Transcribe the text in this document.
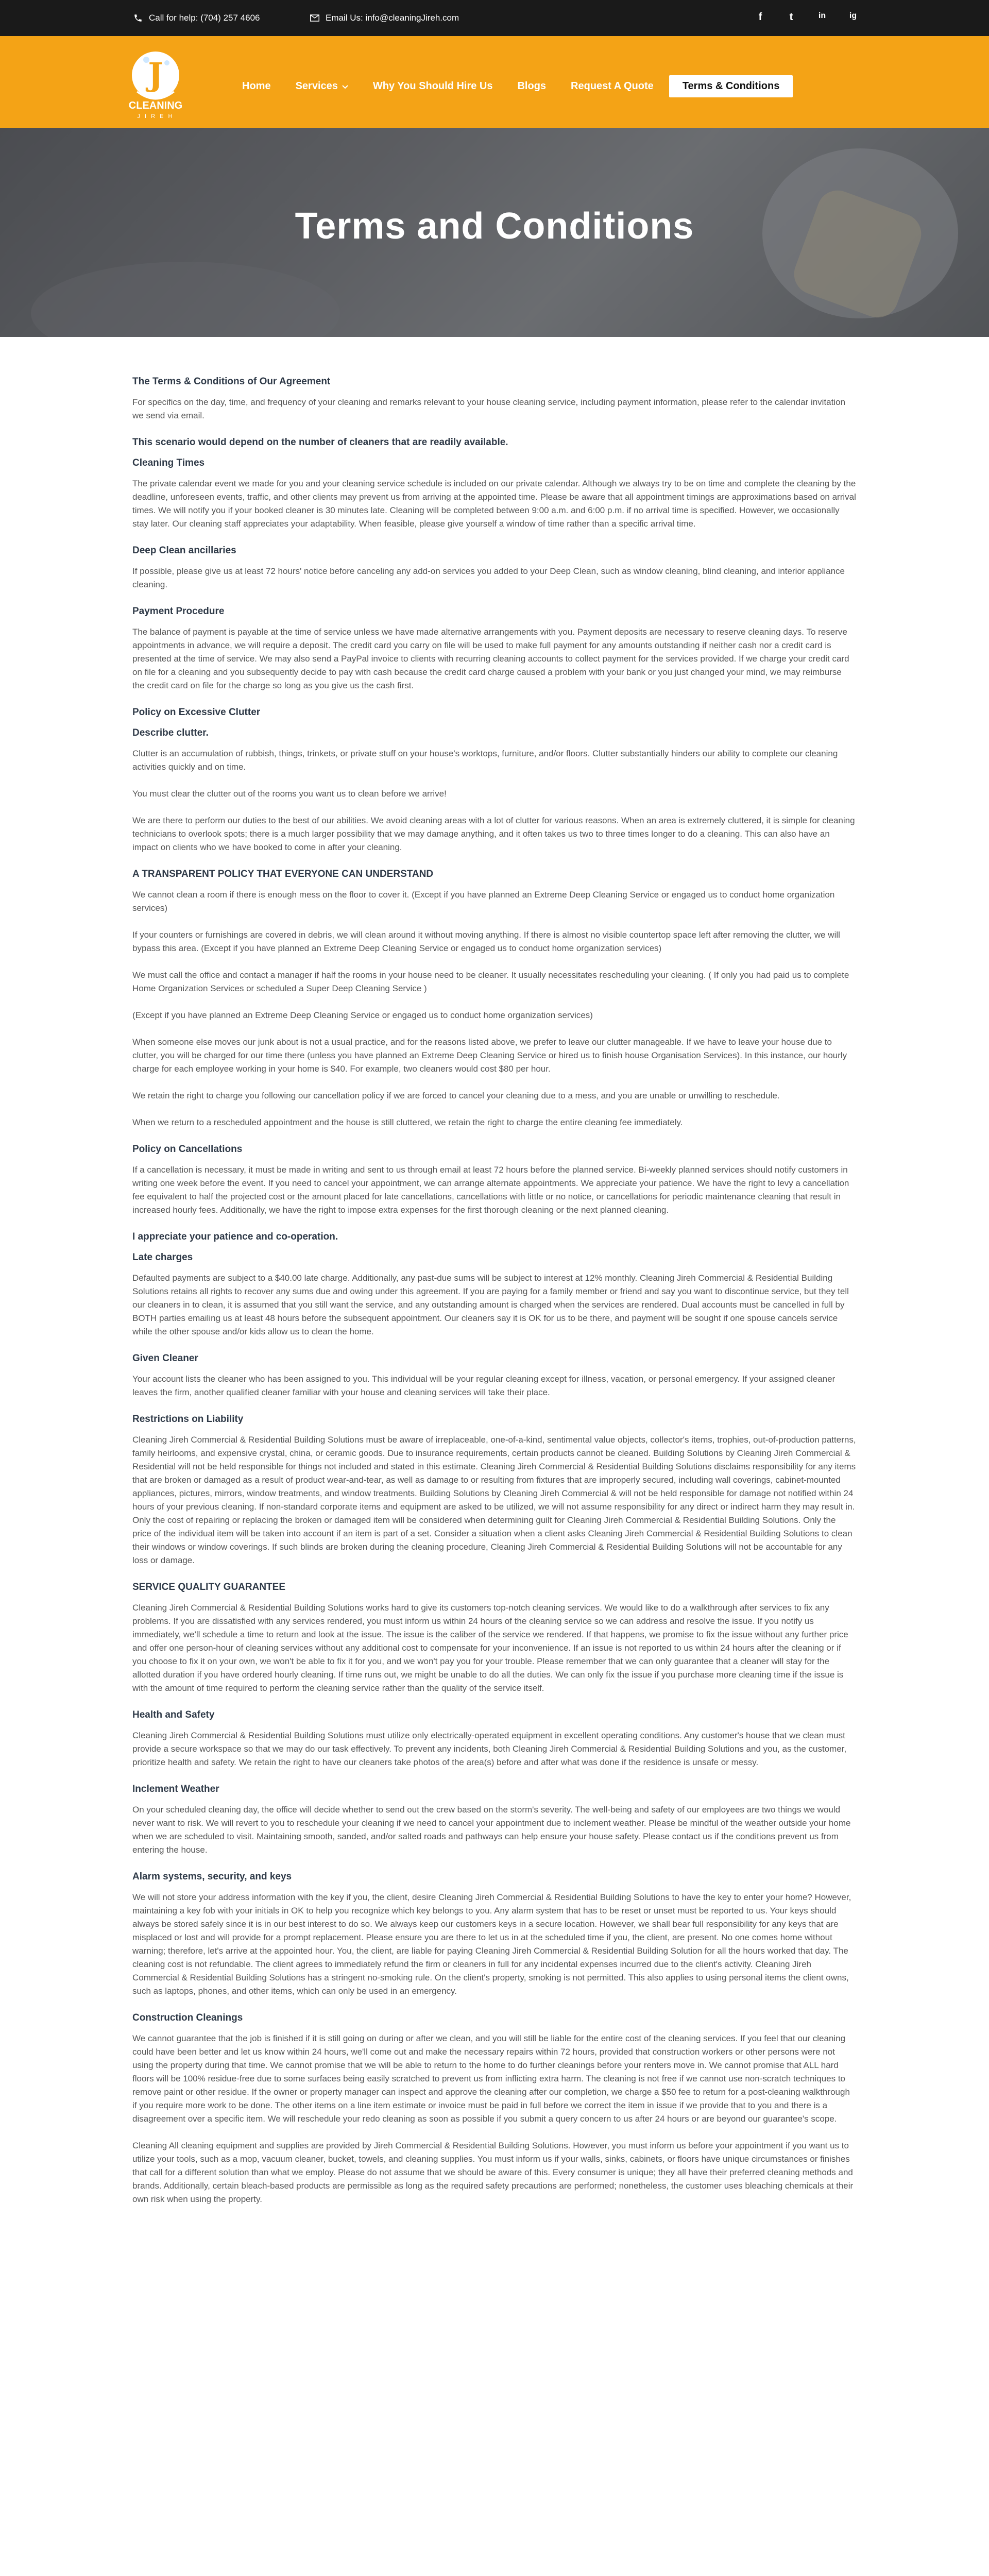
Call for help: (704) 257 4606	Email Us: info@cleaningJireh.com	f	t	in	ig
J
CLEANING
J I R E H
Home Services	Why You Should Hire Us Blogs Request A Quote	Terms & Conditions
Terms and Conditions
The Terms & Conditions of Our Agreement

For specifics on the day, time, and frequency of your cleaning and remarks relevant to your house cleaning service, including payment information, please refer to the calendar invitation we send via email.

This scenario would depend on the number of cleaners that are readily available.
Cleaning Times

The private calendar event we made for you and your cleaning service schedule is included on our private calendar. Although we always try to be on time and complete the cleaning by the deadline, unforeseen events, traffic, and other clients may prevent us from arriving at the appointed time. Please be aware that all appointment timings are approximations based on arrival times. We will notify you if your booked cleaner is 30 minutes late. Cleaning will be completed between 9:00 a.m. and 6:00 p.m. if no arrival time is specified. However, we occasionally stay later. Our cleaning staff appreciates your adaptability. When feasible, please give yourself a window of time rather than a specific arrival time.

Deep Clean ancillaries

If possible, please give us at least 72 hours' notice before canceling any add-on services you added to your Deep Clean, such as window cleaning, blind cleaning, and interior appliance cleaning.

Payment Procedure

The balance of payment is payable at the time of service unless we have made alternative arrangements with you. Payment deposits are necessary to reserve cleaning days. To reserve appointments in advance, we will require a deposit. The credit card you carry on file will be used to make full payment for any amounts outstanding if neither cash nor a credit card is presented at the time of service. We may also send a PayPal invoice to clients with recurring cleaning accounts to collect payment for the services provided. If we charge your credit card on file for a cleaning and you subsequently decide to pay with cash because the credit card charge caused a problem with your bank or you just changed your mind, we may reimburse the credit card on file for the charge so long as you give us the cash first.

Policy on Excessive Clutter
Describe clutter.

Clutter is an accumulation of rubbish, things, trinkets, or private stuff on your house's worktops, furniture, and/or floors. Clutter substantially hinders our ability to complete our cleaning activities quickly and on time.

You must clear the clutter out of the rooms you want us to clean before we arrive!

We are there to perform our duties to the best of our abilities. We avoid cleaning areas with a lot of clutter for various reasons. When an area is extremely cluttered, it is simple for cleaning technicians to overlook spots; there is a much larger possibility that we may damage anything, and it often takes us two to three times longer to do a cleaning. This can also have an impact on clients who we have booked to come in after your cleaning.

A TRANSPARENT POLICY THAT EVERYONE CAN UNDERSTAND

We cannot clean a room if there is enough mess on the floor to cover it. (Except if you have planned an Extreme Deep Cleaning Service or engaged us to conduct home organization services)

If your counters or furnishings are covered in debris, we will clean around it without moving anything. If there is almost no visible countertop space left after removing the clutter, we will bypass this area. (Except if you have planned an Extreme Deep Cleaning Service or engaged us to conduct home organization services)

We must call the office and contact a manager if half the rooms in your house need to be cleaner. It usually necessitates rescheduling your cleaning. ( If only you had paid us to complete Home Organization Services or scheduled a Super Deep Cleaning Service )

(Except if you have planned an Extreme Deep Cleaning Service or engaged us to conduct home organization services)

When someone else moves our junk about is not a usual practice, and for the reasons listed above, we prefer to leave our clutter manageable. If we have to leave your house due to clutter, you will be charged for our time there (unless you have planned an Extreme Deep Cleaning Service or hired us to finish house Organisation Services). In this instance, our hourly charge for each employee working in your home is $40. For example, two cleaners would cost $80 per hour.

We retain the right to charge you following our cancellation policy if we are forced to cancel your cleaning due to a mess, and you are unable or unwilling to reschedule.

When we return to a rescheduled appointment and the house is still cluttered, we retain the right to charge the entire cleaning fee immediately.

Policy on Cancellations

If a cancellation is necessary, it must be made in writing and sent to us through email at least 72 hours before the planned service. Bi-weekly planned services should notify customers in writing one week before the event. If you need to cancel your appointment, we can arrange alternate appointments. We appreciate your patience. We have the right to levy a cancellation fee equivalent to half the projected cost or the amount placed for late cancellations, cancellations with little or no notice, or cancellations for periodic maintenance cleaning that result in increased hourly fees. Additionally, we have the right to impose extra expenses for the first thorough cleaning or the next planned cleaning.

I appreciate your patience and co-operation.
Late charges

Defaulted payments are subject to a $40.00 late charge. Additionally, any past-due sums will be subject to interest at 12% monthly. Cleaning Jireh Commercial & Residential Building Solutions retains all rights to recover any sums due and owing under this agreement. If you are paying for a family member or friend and say you want to discontinue service, but they tell our cleaners in to clean, it is assumed that you still want the service, and any outstanding amount is charged when the services are rendered. Dual accounts must be cancelled in full by BOTH parties emailing us at least 48 hours before the subsequent appointment. Our cleaners say it is OK for us to be there, and payment will be sought if one spouse cancels service while the other spouse and/or kids allow us to clean the home.

Given Cleaner

Your account lists the cleaner who has been assigned to you. This individual will be your regular cleaning except for illness, vacation, or personal emergency. If your assigned cleaner leaves the firm, another qualified cleaner familiar with your house and cleaning services will take their place.

Restrictions on Liability

Cleaning Jireh Commercial & Residential Building Solutions must be aware of irreplaceable, one-of-a-kind, sentimental value objects, collector's items, trophies, out-of-production patterns, family heirlooms, and expensive crystal, china, or ceramic goods. Due to insurance requirements, certain products cannot be cleaned. Building Solutions by Cleaning Jireh Commercial & Residential will not be held responsible for things not included and stated in this estimate. Cleaning Jireh Commercial & Residential Building Solutions disclaims responsibility for any items that are broken or damaged as a result of product wear-and-tear, as well as damage to or resulting from fixtures that are improperly secured, including wall coverings, cabinet-mounted appliances, pictures, mirrors, window treatments, and window treatments. Building Solutions by Cleaning Jireh Commercial & will not be held responsible for damage not notified within 24 hours of your previous cleaning. If non-standard corporate items and equipment are asked to be utilized, we will not assume responsibility for any direct or indirect harm they may result in. Only the cost of repairing or replacing the broken or damaged item will be considered when determining guilt for Cleaning Jireh Commercial & Residential Building Solutions. Only the price of the individual item will be taken into account if an item is part of a set. Consider a situation when a client asks Cleaning Jireh Commercial & Residential Building Solutions to clean their windows or window coverings. If such blinds are broken during the cleaning procedure, Cleaning Jireh Commercial & Residential Building Solutions will not be accountable for any loss or damage.

SERVICE QUALITY GUARANTEE

Cleaning Jireh Commercial & Residential Building Solutions works hard to give its customers top-notch cleaning services. We would like to do a walkthrough after services to fix any problems. If you are dissatisfied with any services rendered, you must inform us within 24 hours of the cleaning service so we can address and resolve the issue. If you notify us immediately, we'll schedule a time to return and look at the issue. The issue is the caliber of the service we rendered. If that happens, we promise to fix the issue without any further price and offer one person-hour of cleaning services without any additional cost to compensate for your inconvenience. If an issue is not reported to us within 24 hours after the cleaning or if you choose to fix it on your own, we won't be able to fix it for you, and we won't pay you for your trouble. Please remember that we can only guarantee that a cleaner will stay for the allotted duration if you have ordered hourly cleaning. If time runs out, we might be unable to do all the duties. We can only fix the issue if you purchase more cleaning time if the issue is with the amount of time required to perform the cleaning service rather than the quality of the service itself.

Health and Safety

Cleaning Jireh Commercial & Residential Building Solutions must utilize only electrically-operated equipment in excellent operating conditions. Any customer's house that we clean must provide a secure workspace so that we may do our task effectively. To prevent any incidents, both Cleaning Jireh Commercial & Residential Building Solutions and you, as the customer, prioritize health and safety. We retain the right to have our cleaners take photos of the area(s) before and after what was done if the residence is unsafe or messy.

Inclement Weather

On your scheduled cleaning day, the office will decide whether to send out the crew based on the storm's severity. The well-being and safety of our employees are two things we would never want to risk. We will revert to you to reschedule your cleaning if we need to cancel your appointment due to inclement weather. Please be mindful of the weather outside your home when we are scheduled to visit. Maintaining smooth, sanded, and/or salted roads and pathways can help ensure your house safety. Please contact us if the conditions prevent us from entering the house.

Alarm systems, security, and keys

We will not store your address information with the key if you, the client, desire Cleaning Jireh Commercial & Residential Building Solutions to have the key to enter your home? However, maintaining a key fob with your initials in OK to help you recognize which key belongs to you. Any alarm system that has to be reset or unset must be reported to us. Your keys should always be stored safely since it is in our best interest to do so. We always keep our customers keys in a secure location. However, we shall bear full responsibility for any keys that are misplaced or lost and will provide for a prompt replacement. Please ensure you are there to let us in at the scheduled time if you, the client, are present. No one comes home without warning; therefore, let's arrive at the appointed hour. You, the client, are liable for paying Cleaning Jireh Commercial & Residential Building Solution for all the hours worked that day. The cleaning cost is not refundable. The client agrees to immediately refund the firm or cleaners in full for any incidental expenses incurred due to the client's activity. Cleaning Jireh Commercial & Residential Building Solutions has a stringent no-smoking rule. On the client's property, smoking is not permitted. This also applies to using personal items the client owns, such as laptops, phones, and other items, which can only be used in an emergency.

Construction Cleanings

We cannot guarantee that the job is finished if it is still going on during or after we clean, and you will still be liable for the entire cost of the cleaning services. If you feel that our cleaning could have been better and let us know within 24 hours, we'll come out and make the necessary repairs within 72 hours, provided that construction workers or other persons were not using the property during that time. We cannot promise that we will be able to return to the home to do further cleanings before your renters move in. We cannot promise that ALL hard floors will be 100% residue-free due to some surfaces being easily scratched to prevent us from inflicting extra harm. The cleaning is not free if we cannot use non-scratch techniques to remove paint or other residue. If the owner or property manager can inspect and approve the cleaning after our completion, we charge a $50 fee to return for a post-cleaning walkthrough if you require more work to be done. The other items on a line item estimate or invoice must be paid in full before we correct the item in issue if we provide that to you and there is a disagreement over a specific item. We will reschedule your redo cleaning as soon as possible if you submit a query concern to us after 24 hours or are beyond our guarantee's scope.

Cleaning All cleaning equipment and supplies are provided by Jireh Commercial & Residential Building Solutions. However, you must inform us before your appointment if you want us to utilize your tools, such as a mop, vacuum cleaner, bucket, towels, and cleaning supplies. You must inform us if your walls, sinks, cabinets, or floors have unique circumstances or finishes that call for a different solution than what we employ. Please do not assume that we should be aware of this. Every consumer is unique; they all have their preferred cleaning methods and brands. Additionally, certain bleach-based products are permissible as long as the required safety precautions are performed; nonetheless, the customer uses bleaching chemicals at their own risk when using the property.
